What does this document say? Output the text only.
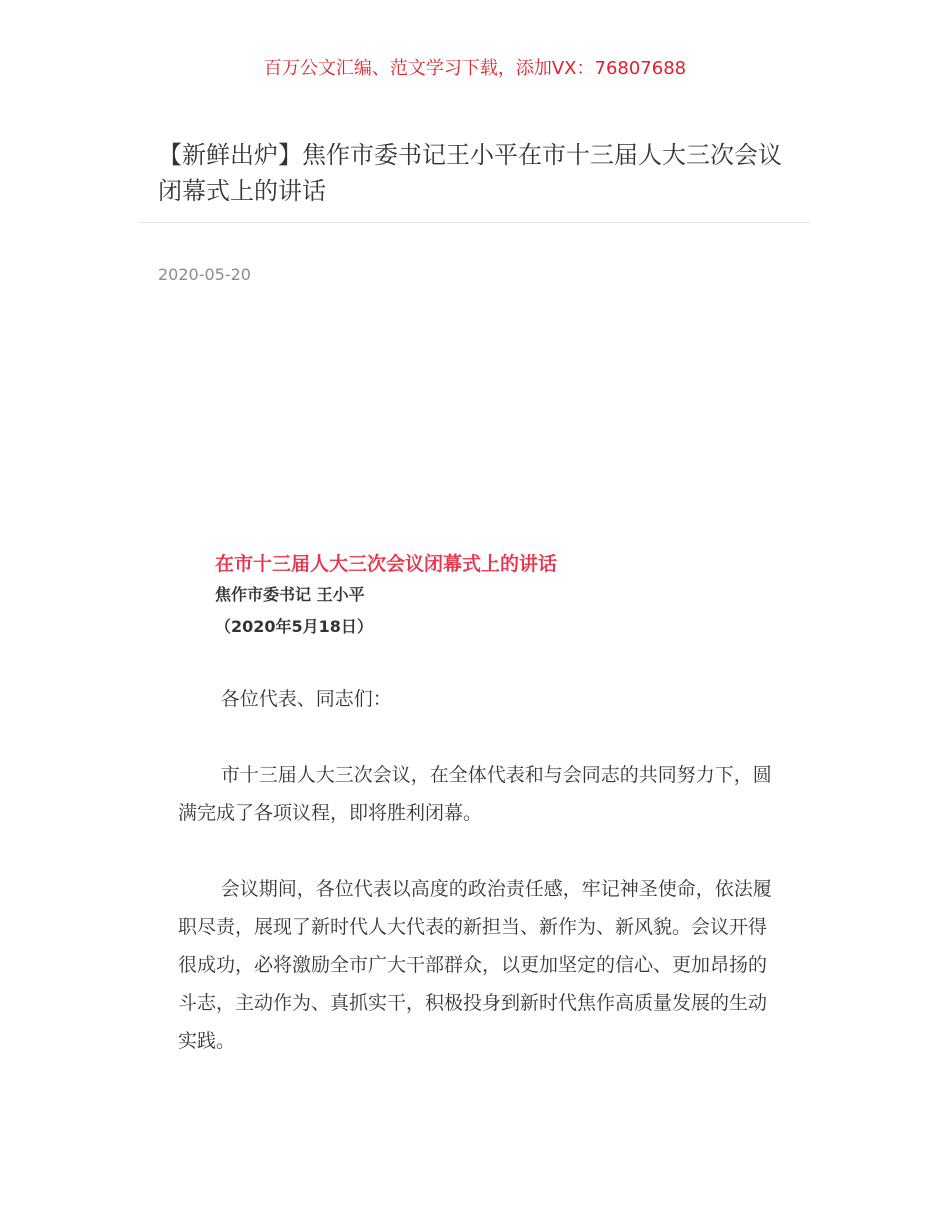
百万公文汇编、范文学习下载，添加VX：76807688
【新鲜出炉】焦作市委书记王小平在市十三届人大三次会议闭幕式上的讲话
2020-05-20
在市十三届人大三次会议闭幕式上的讲话
焦作市委书记 王小平
（2020年5月18日）

各位代表、同志们：

市十三届人大三次会议，在全体代表和与会同志的共同努力下，圆满完成了各项议程，即将胜利闭幕。

会议期间，各位代表以高度的政治责任感，牢记神圣使命，依法履职尽责，展现了新时代人大代表的新担当、新作为、新风貌。会议开得很成功，必将激励全市广大干部群众，以更加坚定的信心、更加昂扬的斗志，主动作为、真抓实干，积极投身到新时代焦作高质量发展的生动实践。
